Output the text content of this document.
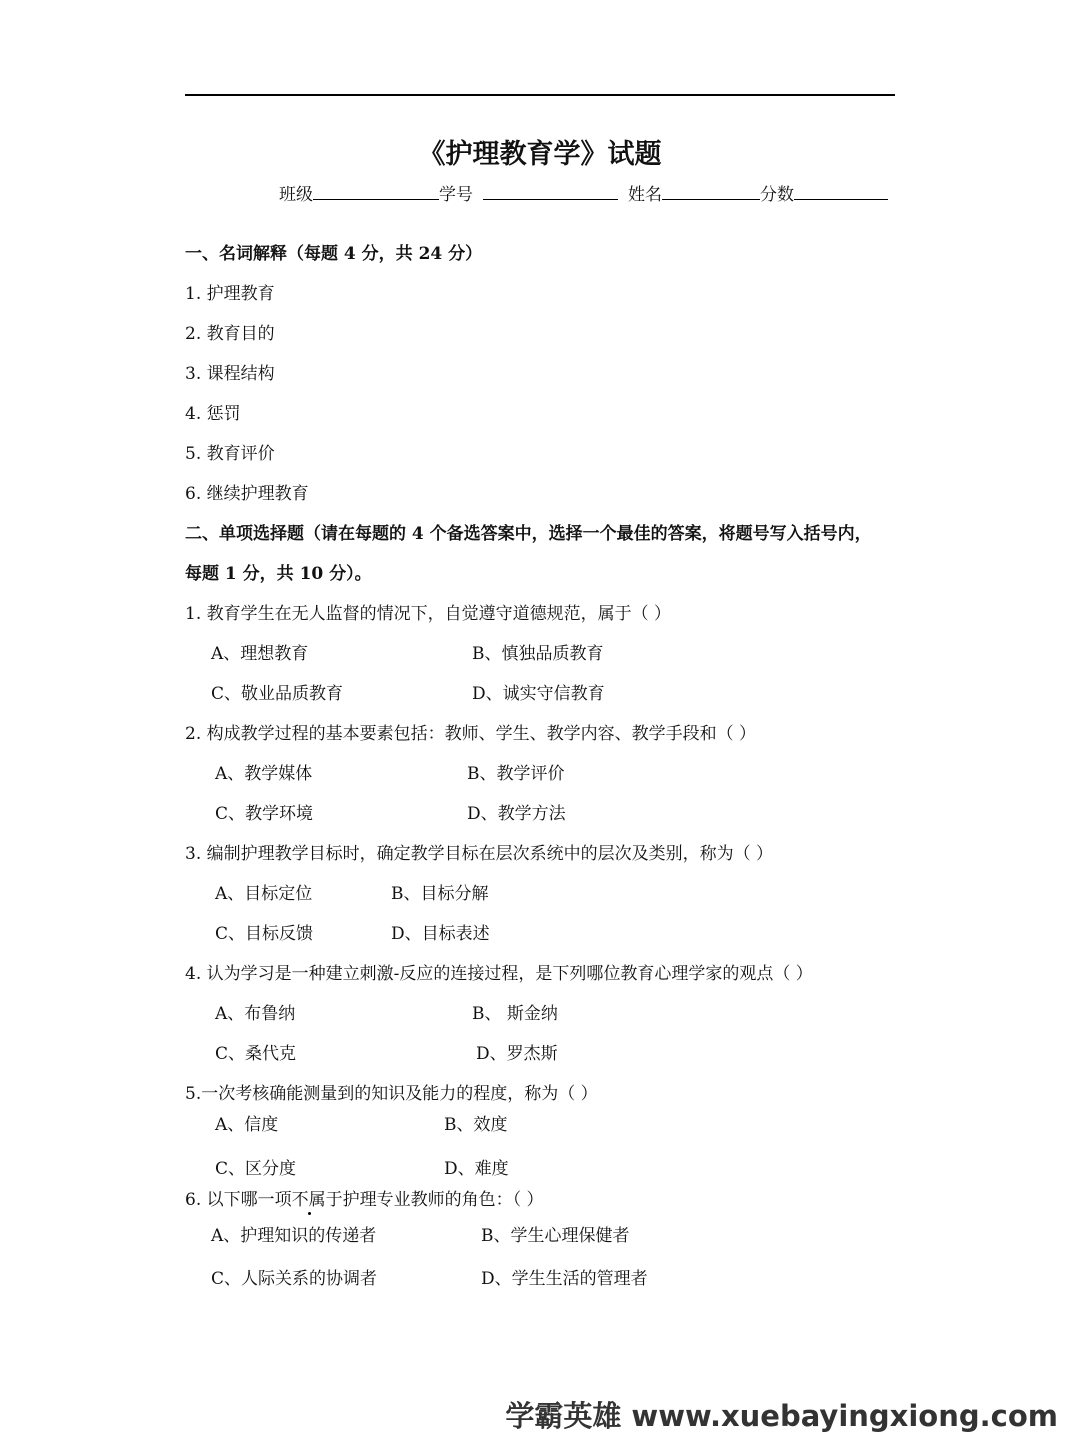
《护理教育学》试题
班级	学号	姓名	分数
一、名词解释（每题 4 分，共 24 分）
1. 护理教育
2. 教育目的
3. 课程结构
4. 惩罚
5. 教育评价
6. 继续护理教育
二、单项选择题（请在每题的 4 个备选答案中，选择一个最佳的答案，将题号写入括号内，
每题 1 分，共 10 分）。
1. 教育学生在无人监督的情况下，自觉遵守道德规范，属于（ ）
A、理想教育	B、慎独品质教育
C、敬业品质教育	D、诚实守信教育
2. 构成教学过程的基本要素包括：教师、学生、教学内容、教学手段和（ ）
A、教学媒体	B、教学评价
C、教学环境	D、教学方法
3. 编制护理教学目标时，确定教学目标在层次系统中的层次及类别，称为（ ）
A、目标定位	B、目标分解
C、目标反馈	D、目标表述
4. 认为学习是一种建立刺激-反应的连接过程，是下列哪位教育心理学家的观点（ ）
A、布鲁纳	B、 斯金纳
C、桑代克	D、罗杰斯
5.一次考核确能测量到的知识及能力的程度，称为（ ）
A、信度	B、效度
C、区分度	D、难度
6. 以下哪一项不属于护理专业教师的角色：（ ）
A、护理知识的传递者	B、学生心理保健者
C、人际关系的协调者	D、学生生活的管理者
学霸英雄 www.xuebayingxiong.com
